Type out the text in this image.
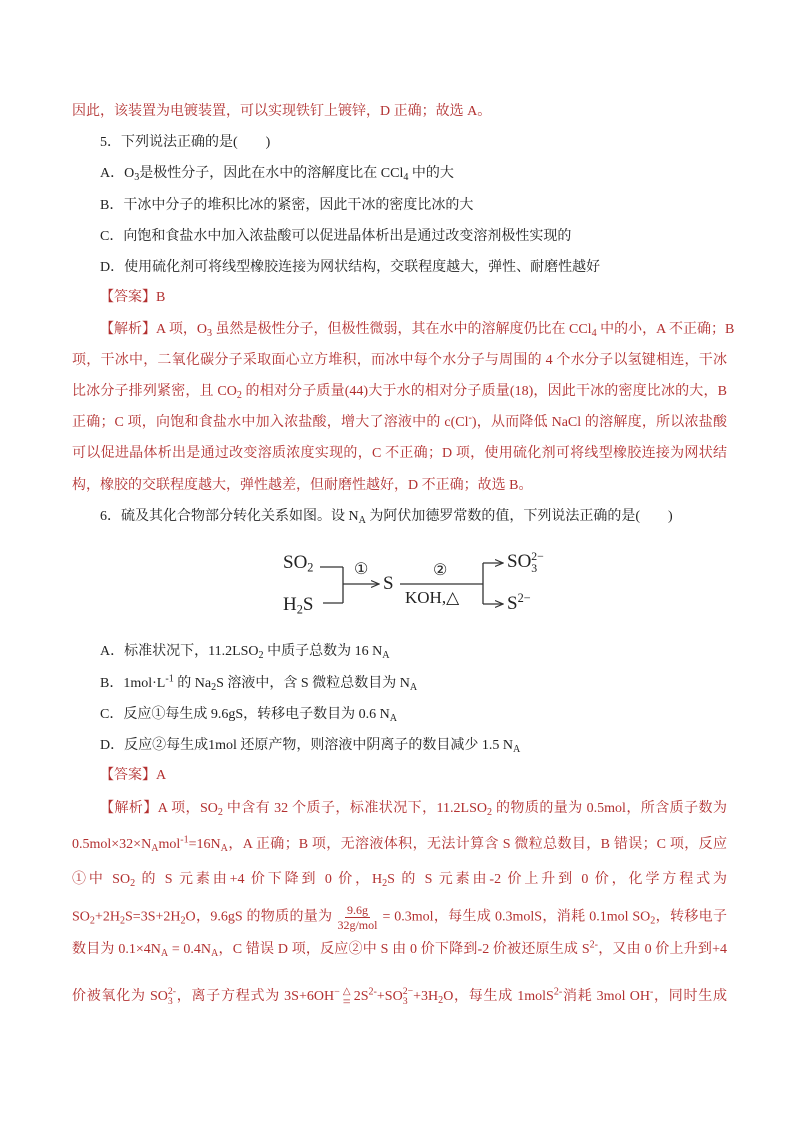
因此，该装置为电镀装置，可以实现铁钉上镀锌，D 正确；故选 A。
5．下列说法正确的是(　　)
A．$O_3$是极性分子，因此在水中的溶解度比在 CCl$_4$ 中的大
B．干冰中分子的堆积比冰的紧密，因此干冰的密度比冰的大
C．向饱和食盐水中加入浓盐酸可以促进晶体析出是通过改变溶剂极性实现的
D．使用硫化剂可将线型橡胶连接为网状结构，交联程度越大，弹性、耐磨性越好
【答案】B
【解析】A 项，$O_3$ 虽然是极性分子，但极性微弱，其在水中的溶解度仍比在 CCl$_4$ 中的小，A 不正确；B
项，干冰中，二氧化碳分子采取面心立方堆积，而冰中每个水分子与周围的 4 个水分子以氢键相连，干冰
比冰分子排列紧密，且 $CO_2$ 的相对分子质量(44)大于水的相对分子质量(18)，因此干冰的密度比冰的大，B
正确；C 项，向饱和食盐水中加入浓盐酸，增大了溶液中的 c(Cl-)，从而降低 NaCl 的溶解度，所以浓盐酸
可以促进晶体析出是通过改变溶质浓度实现的，C 不正确；D 项，使用硫化剂可将线型橡胶连接为网状结
构，橡胶的交联程度越大，弹性越差，但耐磨性越好，D 不正确；故选 B。
6．硫及其化合物部分转化关系如图。设 $N_A$ 为阿伏加德罗常数的值，下列说法正确的是(　　)
A．标准状况下，$11.2LSO_2$ 中质子总数为 16 $N_A$
B．$1mol\cdot L^{-1}$ 的 $Na_2S$ 溶液中，含 S 微粒总数目为 $N_A$
C．反应①每生成 9.6gS，转移电子数目为 0.6 $N_A$
D．反应②每生成1mol 还原产物，则溶液中阴离子的数目减少 1.5 $N_A$
【答案】A
【解析】A 项，$SO_2$ 中含有 32 个质子，标准状况下，$11.2LSO_2$ 的物质的量为 0.5mol，所含质子数为
$0.5mol\times 32\times N_Amol^{-1}=16N_A$，A 正确；B 项，无溶液体积，无法计算含 S 微粒总数目，B 错误；C 项，反应
①中 $SO_2$ 的 S 元素由+4 价下降到 0 价，$H_2S$ 的 S 元素由-2 价上升到 0 价，化学方程式为
$SO_2+2H_2S=3S+2H_2O$，9.6gS 的物质的量为 $\frac{9.6g}{\text{32g/mol}} = 0.3mol$，每生成 0.3molS，消耗 0.1mol $SO_2$，转移电子
数目为 $0.1\times 4N_A = 0.4N_A$，C 错误 D 项，反应②中 S 由 0 价下降到-2 价被还原生成 $S^{2-}$，又由 0 价上升到+4
价被氧化为 SO 2-
3 ，离子方程式为 3S+6OH− △
= $2S^{2-}+SO$ 2−
$3 +3H_2O$，每生成 1molS$^{2-}$消耗 3mol OH-，同时生成
$SO_2$
$H_2S$
①
S
②
KOH,△
SO 2−
3
$S^{2-}$
